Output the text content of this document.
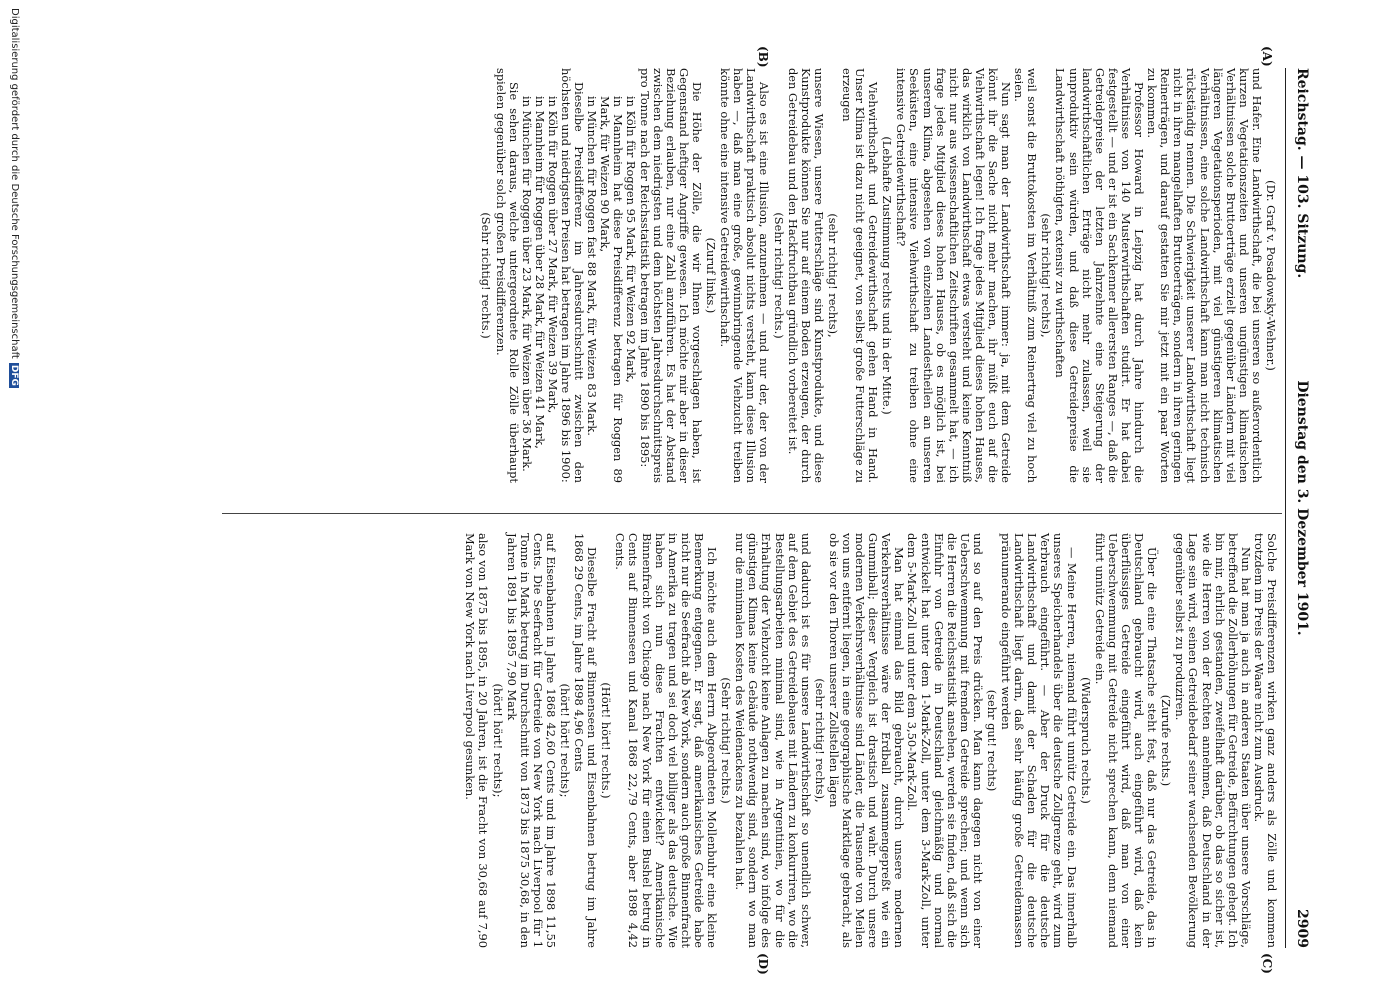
Reichstag. — 103. Sitzung.
Dienstag den 3. Dezember 1901.
2909
(A)
(B)
(C)
(D)

(Dr. Graf v. Posadowsky-Wehner.)

und Hafer. Eine Landwirthschaft, die bei unseren so außerordentlich kurzen Vegetationszeiten und unseren ungünstigen klimatischen Verhältnissen solche Bruttoerträge erzielt gegenüber Ländern mit viel längeren Vegetationsperioden, mit viel günstigeren klimatischen Verhältnissen, eine solche Landwirthschaft kann man nicht technisch rückständig nennen. Die Schwierigkeit unserer Landwirthschaft liegt nicht in ihren mangelhaften Bruttoerträgen, sondern in ihren geringen Reinerträgen, und darauf gestatten Sie mir jetzt mit ein paar Worten zu kommen.

Professor Howard in Leipzig hat durch Jahre hindurch die Verhältnisse von 140 Musterwirthschaften studirt. Er hat dabei festgestellt — und er ist ein Sachkenner allerersten Ranges —, daß die Getreidepreise der letzten Jahrzehnte eine Steigerung der landwirthschaftlichen Erträge nicht mehr zulassen, weil sie unproduktiv sein würden, und daß diese Getreidepreise die Landwirthschaft nöthigten, extensiv zu wirthschaften

(sehr richtig! rechts),

weil sonst die Bruttokosten im Verhältniß zum Reinertrag viel zu hoch seien.

Nun sagt man der Landwirthschaft immer: ja, mit dem Getreide könnt ihr die Sache nicht mehr machen, ihr müßt euch auf die Viehwirthschaft legen! Ich frage jedes Mitglied dieses hohen Hauses, das wirklich von Landwirthschaft etwas versteht und keine Kenntniß nicht nur aus wissenschaftlichen Zeitschriften gesammelt hat, — ich frage jedes Mitglied dieses hohen Hauses, ob es möglich ist, bei unserem Klima, abgesehen von einzelnen Landestheilen an unseren Seeküsten, eine intensive Viehwirthschaft zu treiben ohne eine intensive Getreidewirthschaft?

(Lebhafte Zustimmung rechts und in der Mitte.)

Viehwirthschaft und Getreidewirthschaft gehen Hand in Hand. Unser Klima ist dazu nicht geeignet, von selbst große Futterschläge zu erzeugen

(sehr richtig! rechts),

unsere Wiesen, unsere Futterschläge sind Kunstprodukte, und diese Kunstprodukte können Sie nur auf einem Boden erzeugen, der durch den Getreidebau und den Hackfruchtbau gründlich vorbereitet ist.

(Sehr richtig! rechts.)

Also es ist eine Illusion, anzunehmen — und nur der, der von der Landwirthschaft praktisch absolut nichts versteht, kann diese Illusion haben —, daß man eine große, gewinnbringende Viehzucht treiben könnte ohne eine intensive Getreidewirthschaft.

(Zuruf links.)

Die Höhe der Zölle, die wir Ihnen vorgeschlagen haben, ist Gegenstand heftiger Angriffe gewesen. Ich möchte mir aber in dieser Beziehung erlauben, nur eine Zahl anzuführen. Es hat der Abstand zwischen dem niedrigsten und dem höchsten Jahresdurchschnittspreis pro Tonne nach der Reichsstatistik betragen im Jahre 1890 bis 1895:

in Köln für Roggen 95 Mark, für Weizen 92 Mark,

in Mannheim hat diese Preisdifferenz betragen für Roggen 89 Mark, für Weizen 90 Mark,

in München für Roggen fast 88 Mark, für Weizen 83 Mark.

Dieselbe Preisdifferenz im Jahresdurchschnitt zwischen den höchsten und niedrigsten Preisen hat betragen im Jahre 1896 bis 1900:

in Köln für Roggen über 27 Mark, für Weizen 39 Mark,

in Mannheim für Roggen über 28 Mark, für Weizen 41 Mark,

in München für Roggen über 23 Mark, für Weizen über 36 Mark.

Sie sehen daraus, welche untergeordnete Rolle Zölle überhaupt spielen gegenüber solch großen Preisdifferenzen.

(Sehr richtig! rechts.)

Solche Preisdifferenzen wirken ganz anders als Zölle und kommen trotzdem im Preis der Waare nicht zum Ausdruck.

Nun hat man ja auch in anderen Staaten über unsere Vorschläge, betreffend die Zollerhöhungen für Getreide, Befürchtungen gehegt. Ich bin mir, ehrlich gestanden, zweifelhaft darüber, ob das so sicher ist, wie die Herren von der Rechten annehmen, daß Deutschland in der Lage sein wird, seinen Getreidebedarf seiner wachsenden Bevölkerung gegenüber selbst zu produziren.

(Zurufe rechts.)

Über die eine Thatsache steht fest, daß nur das Getreide, das in Deutschland gebraucht wird, auch eingeführt wird, daß kein überflüssiges Getreide eingeführt wird, daß man von einer Ueberschwemmung mit Getreide nicht sprechen kann, denn niemand führt unnütz Getreide ein.

(Widerspruch rechts.)

— Meine Herren, niemand führt unnütz Getreide ein. Das innerhalb unseres Speicherhandels über die deutsche Zollgrenze geht, wird zum Verbrauch eingeführt. — Aber der Druck für die deutsche Landwirthschaft und damit der Schaden für die deutsche Landwirthschaft liegt darin, daß sehr häufig große Getreidemassen pränumerando eingeführt werden

(sehr gut! rechts)

und so auf den Preis drücken. Man kann dagegen nicht von einer Ueberschwemmung mit fremdem Getreide sprechen; und wenn sich die Herren die Reichsstatistik ansehen, werden sie finden, daß sich die Einfuhr von Getreide in Deutschland gleichmäßig und normal entwickelt hat unter dem 1-Mark-Zoll, unter dem 3-Mark-Zoll, unter dem 5-Mark-Zoll und unter dem 3,50-Mark-Zoll.

Man hat einmal das Bild gebraucht, durch unsere modernen Verkehrsverhältnisse wäre der Erdball zusammengepreßt wie ein Gummiball; dieser Vergleich ist drastisch und wahr. Durch unsere modernen Verkehrsverhältnisse sind Länder, die Tausende von Meilen von uns entfernt liegen, in eine geographische Marktlage gebracht, als ob sie vor den Thoren unserer Zollstellen lägen

(sehr richtig! rechts),

und dadurch ist es für unsere Landwirthschaft so unendlich schwer, auf dem Gebiet des Getreidebaues mit Ländern zu konkurriren, wo die Bestellungsarbeiten minimal sind, wie in Argentinien, wo für die Erhaltung der Viehzucht keine Anlagen zu machen sind, wo infolge des günstigen Klimas keine Gebäude nothwendig sind, sondern wo man nur die minimalen Kosten des Weidenackens zu bezahlen hat.

(Sehr richtig! rechts.)

Ich möchte auch dem Herrn Abgeordneten Mollenbuhr eine kleine Bemerkung entgegnen. Er sagt, daß amerikanisches Getreide habe nicht nur die Seefracht ab New York, sondern auch große Binnenfracht in Amerika zu tragen und sei doch viel billiger als das deutsche. Wie haben sich nun diese Frachten entwickelt? Amerikanische Binnenfracht von Chicago nach New York für einen Bushel betrug in Cents auf Binnenseen und Kanal 1868 22,79 Cents, aber 1898 4,42 Cents.

(Hört! hört! rechts.)

Dieselbe Fracht auf Binnenseen und Eisenbahnen betrug im Jahre 1868 29 Cents, im Jahre 1898 4,96 Cents

(hört! hört! rechts);

auf Eisenbahnen in Jahre 1868 42,60 Cents und im Jahre 1898 11,55 Cents. Die Seefracht für Getreide von New York nach Liverpool für 1 Tonne in Mark betrug im Durchschnitt von 1873 bis 1875 30,68, in den Jahren 1891 bis 1895 7,90 Mark

(hört! hört! rechts);

also von 1875 bis 1895, in 20 Jahren, ist die Fracht von 30,68 auf 7,90 Mark von New York nach Liverpool gesunken.

Digitalisierung gefördert durch die Deutsche ForschungsgemeinschaftDFG
